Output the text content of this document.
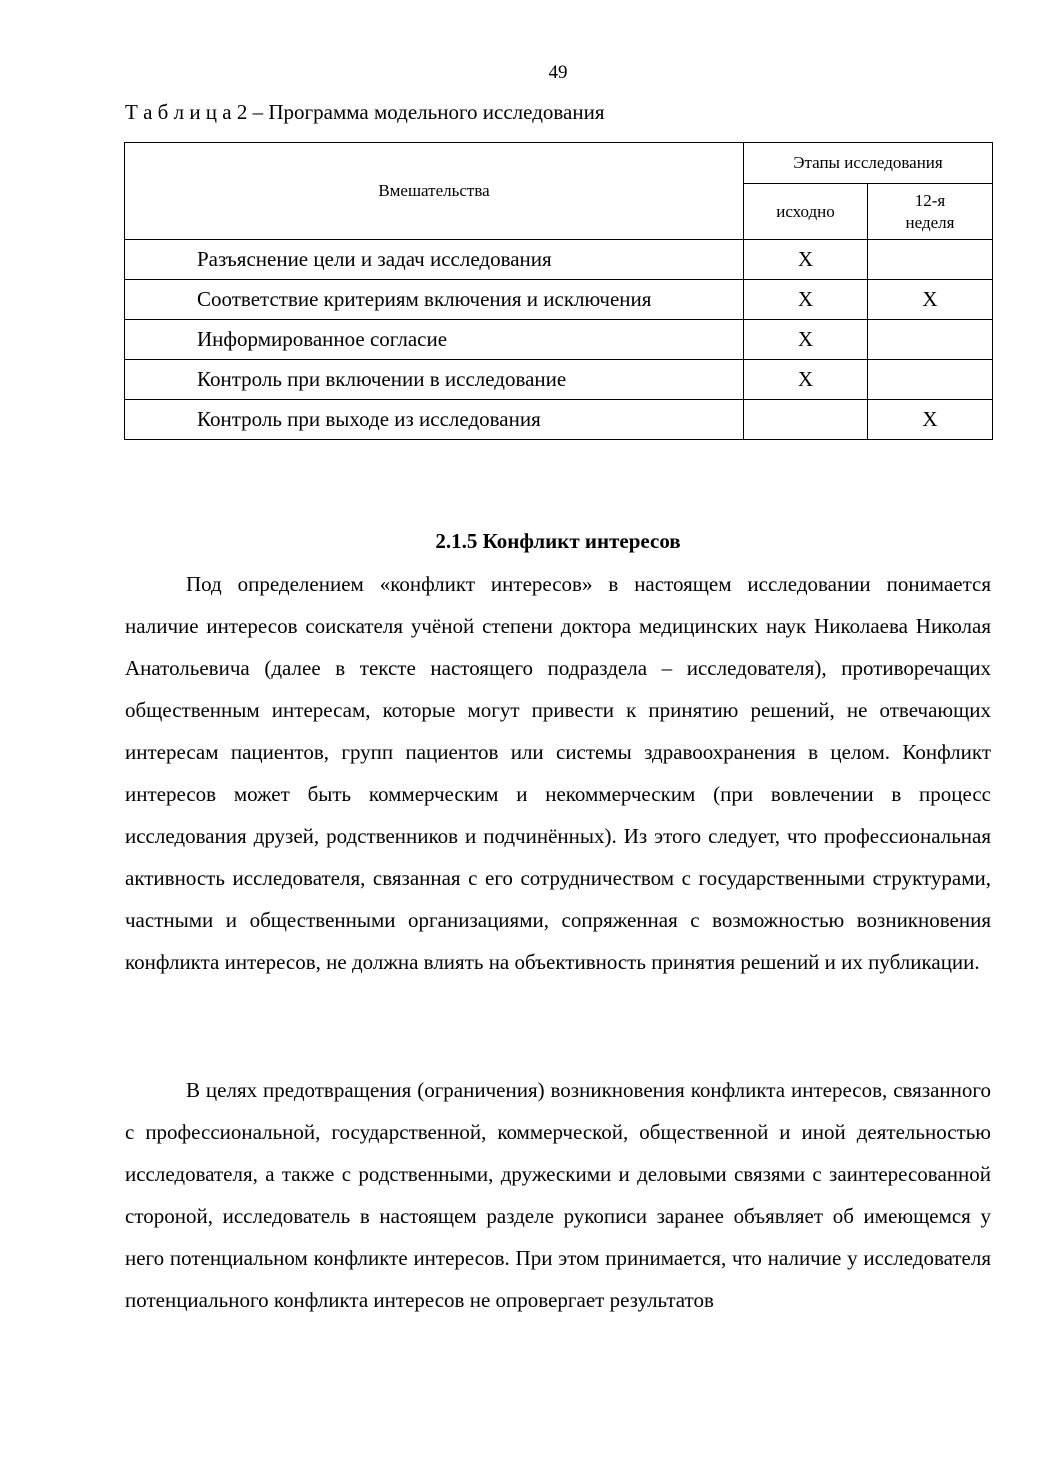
49
Т а б л и ц а 2 – Программа модельного исследования
Вмешательства	Этапы исследования	
	исходно	12-я
неделя

Разъяснение цели и задач исследования	X	
Соответствие критериям включения и исключения	X	X
Информированное согласие	X	
Контроль при включении в исследование	X	
Контроль при выходе из исследования		X
2.1.5 Конфликт интересов

Под определением «конфликт интересов» в настоящем исследовании понимается наличие интересов соискателя учёной степени доктора медицинских наук Николаева Николая Анатольевича (далее в тексте настоящего подраздела – исследователя), противоречащих общественным интересам, которые могут привести к принятию решений, не отвечающих интересам пациентов, групп пациентов или системы здравоохранения в целом. Конфликт интересов может быть коммерческим и некоммерческим (при вовлечении в процесс исследования друзей, родственников и подчинённых). Из этого следует, что профессиональная активность исследователя, связанная с его сотрудничеством с государственными структурами, частными и общественными организациями, сопряженная с возможностью возникновения конфликта интересов, не должна влиять на объективность принятия решений и их публикации.

В целях предотвращения (ограничения) возникновения конфликта интересов, связанного с профессиональной, государственной, коммерческой, общественной и иной деятельностью исследователя, а также с родственными, дружескими и деловыми связями с заинтересованной стороной, исследователь в настоящем разделе рукописи заранее объявляет об имеющемся у него потенциальном конфликте интересов. При этом принимается, что наличие у исследователя потенциального конфликта интересов не опровергает результатов
